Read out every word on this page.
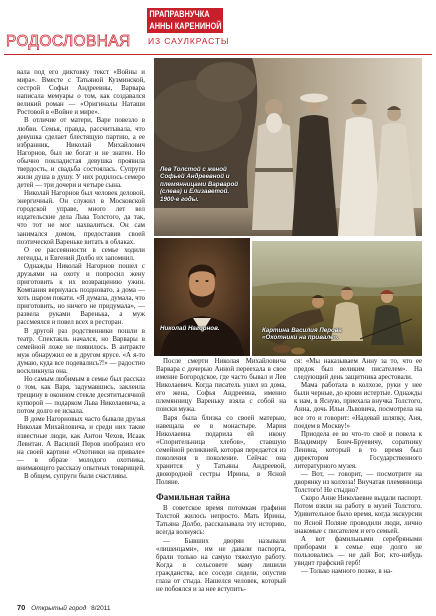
РОДОСЛОВНАЯ
ПРАПРАВНУЧКА
АННЫ КАРЕНИНОЙ
ИЗ САУЛКРАСТЫ

вала под его диктовку текст «Войны и мира». Вместе с Татьяной Кузминской, сестрой Софьи Андреевны, Варвара написала мемуары о том, как создавался великий роман — «Оригиналы Наташи Ростовой в «Войне и мире».

В отличие от матери, Варе повезло в любви. Семья, правда, рассчитывала, что девушка сделает блестящую партию, а ее избранник, Николай Михайлович Нагорнов, был не богат и не знатен. Но обычно покладистая девушка проявила твердость, и свадьба состоялась. Супруги жили душа в душу. У них родилось семеро детей — три дочери и четыре сына.

Николай Нагорнов был человек деловой, энергичный. Он служил в Московской городской управе, много лет вел издательские дела Льва Толстого, да так, что тот не мог нахвалиться. Он сам занимался домом, предоставив своей поэтической Вареньке витать в облаках.

О ее рассеянности в семье ходили легенды, и Евгений Долбо их запомнил.

Однажды Николай Нагорнов пошел с друзьями на охоту и попросил жену приготовить к их возвращению ужин. Компания вернулась поздновато, а дома — хоть шаром покати. «Я думала, думала, что приготовить, но ничего не придумала», — развела руками Варенька, а муж рассмеялся и повел всех в ресторан.

В другой раз родственники пошли в театр. Спектакль начался, но Варвары в семейной ложе не появилось. В антракте муж обнаружил ее в другом ярусе. «А я-то думаю, куда все подевались?!» — радостно воскликнула она.

Но самым любимым в семье был рассказ о том, как Варя, задумавшись, заклеила трещину в оконном стекле десятитысячной купюрой — подарком Льва Николаевича, а потом долго ее искала.

В доме Нагорновых часто бывали друзья Николая Михайловича, и среди них такие известные люди, как Антон Чехов, Исаак Левитан. А Василий Перов изобразил его на своей картине «Охотники на привале» — в образе молодого охотника, внимающего рассказу опытных товарищей.

В общем, супруги были счастливы.

Лев Толстой с женой Софьей Андреевной и племянницами Варварой (слева) и Елизаветой. 1900-е годы.
Николай Нагорнов.	Картина Василия Перова «Охотники на привале».

После смерти Николая Михайловича Варвара с дочерью Анной переехала в свое имение Богородское, где часто бывал и Лев Николаевич. Когда писатель ушел из дома, его жена, Софья Андреевна, именно племянницу Вареньку взяла с собой на поиски мужа.

Варя была близка со своей матерью, навещала ее в монастыре. Мария Николаевна подарила ей икону «Спорительница хлебов», ставшую семейной реликвией, которая передается из поколения в поколение. Сейчас она хранится у Татьяны Андреевой, двоюродной сестры Ирины, в Ясной Поляне.

Фамильная тайна

В советское время потомкам графини Толстой жилось непросто. Мать Ирины, Татьяна Долбо, рассказывала эту историю, всегда волнуясь:

— Бывших дворян называли «лишенцами», им не давали паспорта, брали только на самую тяжелую работу. Когда в сельсовете маму лишили гражданства, все соседи сидели, опустив глаза от стыда. Нашелся человек, который не побоялся и за нее вступить-

ся: «Мы наказываем Анну за то, что ее предок был великим писателем». На следующий день защитника арестовали.

Мама работала в колхозе, руки у нее были черные, до крови истертые. Однажды к нам, в Ясную, приехала внучка Толстого, Анна, дочь Ильи Львовича, посмотрела на все это и говорит: «Надевай шляпку, Аня, поедем в Москву!»

Приодела ее во что-то своё и повела к Владимиру Бонч-Бруевичу, соратнику Ленина, который в то время был директором Государственного литературного музея.

— Вот, — говорит, — посмотрите на дворянку из колхоза! Внучатая племянница Толстого! Не стыдно?

Скоро Анне Николаевне выдали паспорт. Потом взяли на работу в музей Толстого. Удивительное было время, когда экскурсии по Ясной Поляне проводили люди, лично знакомые с писателем и его семьей.

А вот фамильными серебряными приборами в семье еще долго не пользовались — не дай Бог, кто-нибудь увидит графский герб!

— Только намного позже, в на-

70 Открытый город 8/2011
